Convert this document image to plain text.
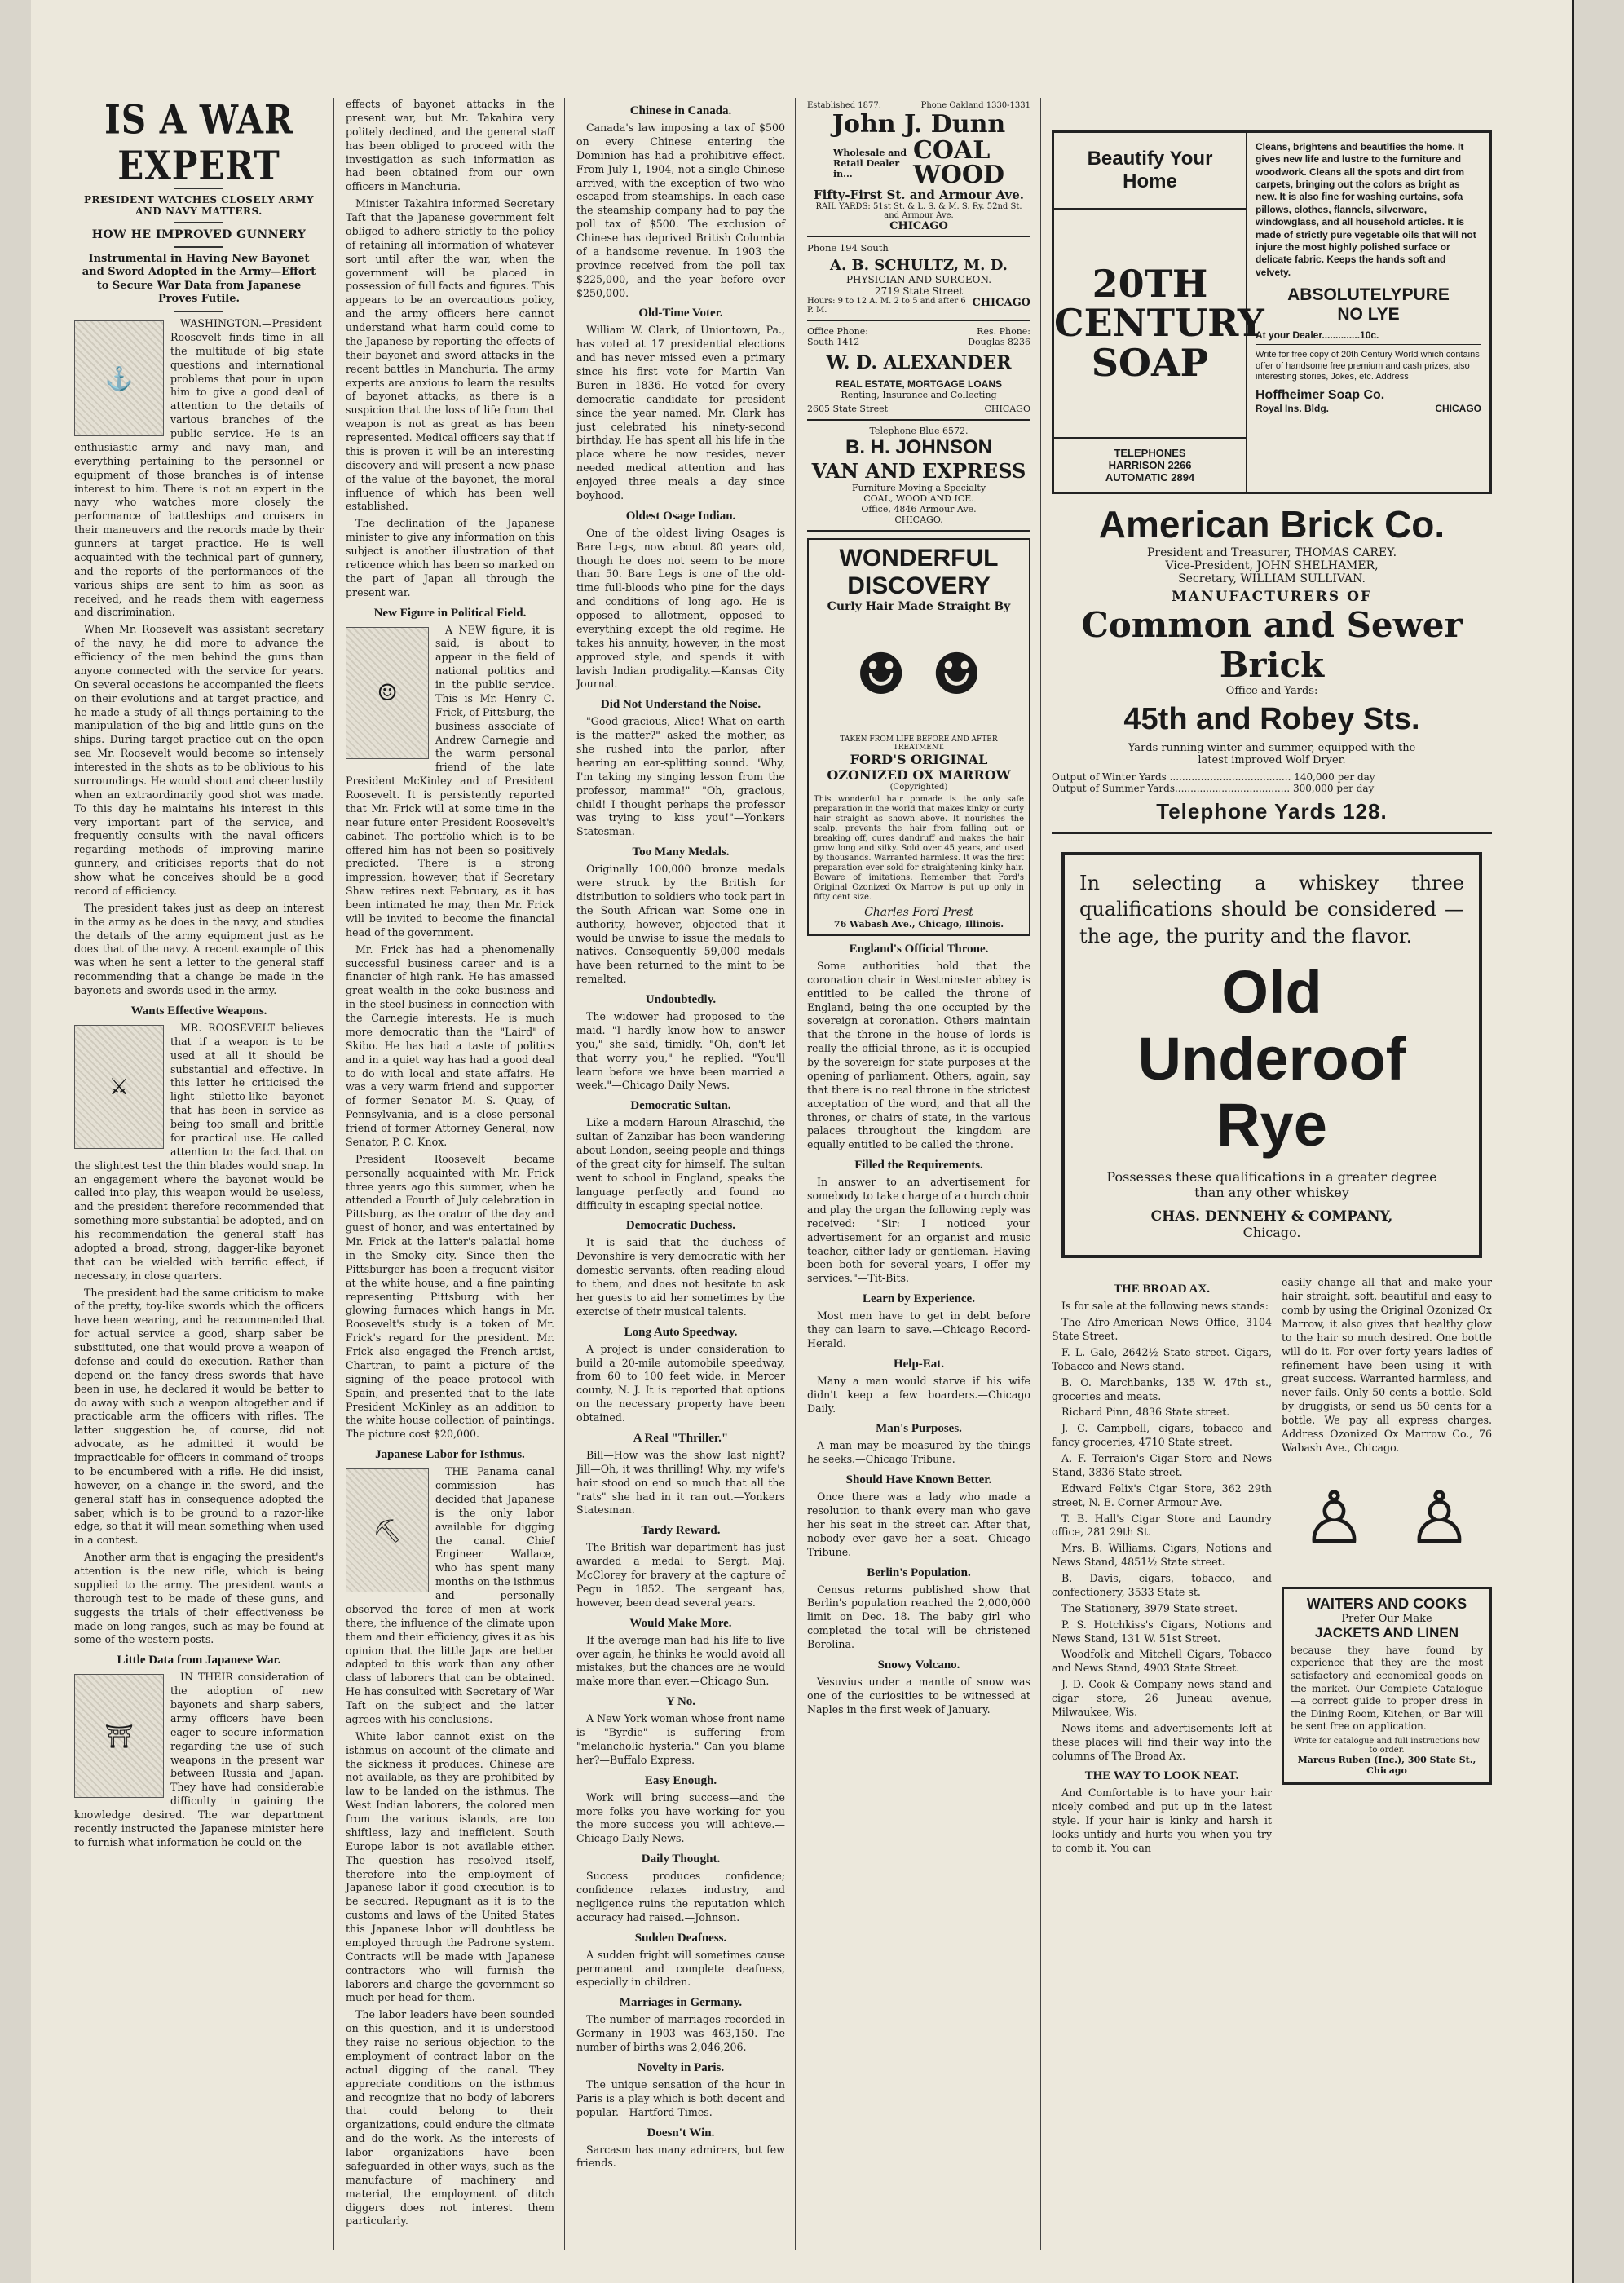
IS A WAR EXPERT
PRESIDENT WATCHES CLOSELY ARMY AND NAVY MATTERS.
HOW HE IMPROVED GUNNERY
Instrumental in Having New Bayonet and Sword Adopted in the Army—Effort to Secure War Data from Japanese Proves Futile.
⚓

WASHINGTON.—President Roosevelt finds time in all the multitude of big state questions and international problems that pour in upon him to give a good deal of attention to the details of various branches of the public service. He is an enthusiastic army and navy man, and everything pertaining to the personnel or equipment of those branches is of intense interest to him. There is not an expert in the navy who watches more closely the performance of battleships and cruisers in their maneuvers and the records made by their gunners at target practice. He is well acquainted with the technical part of gunnery, and the reports of the performances of the various ships are sent to him as soon as received, and he reads them with eagerness and discrimination.

When Mr. Roosevelt was assistant secretary of the navy, he did more to advance the efficiency of the men behind the guns than anyone connected with the service for years. On several occasions he accompanied the fleets on their evolutions and at target practice, and he made a study of all things pertaining to the manipulation of the big and little guns on the ships. During target practice out on the open sea Mr. Roosevelt would become so intensely interested in the shots as to be oblivious to his surroundings. He would shout and cheer lustily when an extraordinarily good shot was made. To this day he maintains his interest in this very important part of the service, and frequently consults with the naval officers regarding methods of improving marine gunnery, and criticises reports that do not show what he conceives should be a good record of efficiency.

The president takes just as deep an interest in the army as he does in the navy, and studies the details of the army equipment just as he does that of the navy. A recent example of this was when he sent a letter to the general staff recommending that a change be made in the bayonets and swords used in the army.

Wants Effective Weapons.
⚔

MR. ROOSEVELT believes that if a weapon is to be used at all it should be substantial and effective. In this letter he criticised the light stiletto-like bayonet that has been in service as being too small and brittle for practical use. He called attention to the fact that on the slightest test the thin blades would snap. In an engagement where the bayonet would be called into play, this weapon would be useless, and the president therefore recommended that something more substantial be adopted, and on his recommendation the general staff has adopted a broad, strong, dagger-like bayonet that can be wielded with terrific effect, if necessary, in close quarters.

The president had the same criticism to make of the pretty, toy-like swords which the officers have been wearing, and he recommended that for actual service a good, sharp saber be substituted, one that would prove a weapon of defense and could do execution. Rather than depend on the fancy dress swords that have been in use, he declared it would be better to do away with such a weapon altogether and if practicable arm the officers with rifles. The latter suggestion he, of course, did not advocate, as he admitted it would be impracticable for officers in command of troops to be encumbered with a rifle. He did insist, however, on a change in the sword, and the general staff has in consequence adopted the saber, which is to be ground to a razor-like edge, so that it will mean something when used in a contest.

Another arm that is engaging the president's attention is the new rifle, which is being supplied to the army. The president wants a thorough test to be made of these guns, and suggests the trials of their effectiveness be made on long ranges, such as may be found at some of the western posts.

Little Data from Japanese War.
⛩

IN THEIR consideration of the adoption of new bayonets and sharp sabers, army officers have been eager to secure information regarding the use of such weapons in the present war between Russia and Japan. They have had considerable difficulty in gaining the knowledge desired. The war department recently instructed the Japanese minister here to furnish what information he could on the

effects of bayonet attacks in the present war, but Mr. Takahira very politely declined, and the general staff has been obliged to proceed with the investigation as such information as had been obtained from our own officers in Manchuria.

Minister Takahira informed Secretary Taft that the Japanese government felt obliged to adhere strictly to the policy of retaining all information of whatever sort until after the war, when the government will be placed in possession of full facts and figures. This appears to be an overcautious policy, and the army officers here cannot understand what harm could come to the Japanese by reporting the effects of their bayonet and sword attacks in the recent battles in Manchuria. The army experts are anxious to learn the results of bayonet attacks, as there is a suspicion that the loss of life from that weapon is not as great as has been represented. Medical officers say that if this is proven it will be an interesting discovery and will present a new phase of the value of the bayonet, the moral influence of which has been well established.

The declination of the Japanese minister to give any information on this subject is another illustration of that reticence which has been so marked on the part of Japan all through the present war.

New Figure in Political Field.
☺

A NEW figure, it is said, is about to appear in the field of national politics and in the public service. This is Mr. Henry C. Frick, of Pittsburg, the business associate of Andrew Carnegie and the warm personal friend of the late President McKinley and of President Roosevelt. It is persistently reported that Mr. Frick will at some time in the near future enter President Roosevelt's cabinet. The portfolio which is to be offered him has not been so positively predicted. There is a strong impression, however, that if Secretary Shaw retires next February, as it has been intimated he may, then Mr. Frick will be invited to become the financial head of the government.

Mr. Frick has had a phenomenally successful business career and is a financier of high rank. He has amassed great wealth in the coke business and in the steel business in connection with the Carnegie interests. He is much more democratic than the "Laird" of Skibo. He has had a taste of politics and in a quiet way has had a good deal to do with local and state affairs. He was a very warm friend and supporter of former Senator M. S. Quay, of Pennsylvania, and is a close personal friend of former Attorney General, now Senator, P. C. Knox.

President Roosevelt became personally acquainted with Mr. Frick three years ago this summer, when he attended a Fourth of July celebration in Pittsburg, as the orator of the day and guest of honor, and was entertained by Mr. Frick at the latter's palatial home in the Smoky city. Since then the Pittsburger has been a frequent visitor at the white house, and a fine painting representing Pittsburg with her glowing furnaces which hangs in Mr. Roosevelt's study is a token of Mr. Frick's regard for the president. Mr. Frick also engaged the French artist, Chartran, to paint a picture of the signing of the peace protocol with Spain, and presented that to the late President McKinley as an addition to the white house collection of paintings. The picture cost $20,000.

Japanese Labor for Isthmus.
⛏

THE Panama canal commission has decided that Japanese is the only labor available for digging the canal. Chief Engineer Wallace, who has spent many months on the isthmus and personally observed the force of men at work there, the influence of the climate upon them and their efficiency, gives it as his opinion that the little Japs are better adapted to this work than any other class of laborers that can be obtained. He has consulted with Secretary of War Taft on the subject and the latter agrees with his conclusions.

White labor cannot exist on the isthmus on account of the climate and the sickness it produces. Chinese are not available, as they are prohibited by law to be landed on the isthmus. The West Indian laborers, the colored men from the various islands, are too shiftless, lazy and inefficient. South Europe labor is not available either. The question has resolved itself, therefore into the employment of Japanese labor if good execution is to be secured. Repugnant as it is to the customs and laws of the United States this Japanese labor will doubtless be employed through the Padrone system. Contracts will be made with Japanese contractors who will furnish the laborers and charge the government so much per head for them.

The labor leaders have been sounded on this question, and it is understood they raise no serious objection to the employment of contract labor on the actual digging of the canal. They appreciate conditions on the isthmus and recognize that no body of laborers that could belong to their organizations, could endure the climate and do the work. As the interests of labor organizations have been safeguarded in other ways, such as the manufacture of machinery and material, the employment of ditch diggers does not interest them particularly.

Chinese in Canada.

Canada's law imposing a tax of $500 on every Chinese entering the Dominion has had a prohibitive effect. From July 1, 1904, not a single Chinese arrived, with the exception of two who escaped from steamships. In each case the steamship company had to pay the poll tax of $500. The exclusion of Chinese has deprived British Columbia of a handsome revenue. In 1903 the province received from the poll tax $225,000, and the year before over $250,000.

Old-Time Voter.

William W. Clark, of Uniontown, Pa., has voted at 17 presidential elections and has never missed even a primary since his first vote for Martin Van Buren in 1836. He voted for every democratic candidate for president since the year named. Mr. Clark has just celebrated his ninety-second birthday. He has spent all his life in the place where he now resides, never needed medical attention and has enjoyed three meals a day since boyhood.

Oldest Osage Indian.

One of the oldest living Osages is Bare Legs, now about 80 years old, though he does not seem to be more than 50. Bare Legs is one of the old-time full-bloods who pine for the days and conditions of long ago. He is opposed to allotment, opposed to everything except the old regime. He takes his annuity, however, in the most approved style, and spends it with lavish Indian prodigality.—Kansas City Journal.

Did Not Understand the Noise.

"Good gracious, Alice! What on earth is the matter?" asked the mother, as she rushed into the parlor, after hearing an ear-splitting sound. "Why, I'm taking my singing lesson from the professor, mamma!" "Oh, gracious, child! I thought perhaps the professor was trying to kiss you!"—Yonkers Statesman.

Too Many Medals.

Originally 100,000 bronze medals were struck by the British for distribution to soldiers who took part in the South African war. Some one in authority, however, objected that it would be unwise to issue the medals to natives. Consequently 59,000 medals have been returned to the mint to be remelted.

Undoubtedly.

The widower had proposed to the maid. "I hardly know how to answer you," she said, timidly. "Oh, don't let that worry you," he replied. "You'll learn before we have been married a week."—Chicago Daily News.

Democratic Sultan.

Like a modern Haroun Alraschid, the sultan of Zanzibar has been wandering about London, seeing people and things of the great city for himself. The sultan went to school in England, speaks the language perfectly and found no difficulty in escaping special notice.

Democratic Duchess.

It is said that the duchess of Devonshire is very democratic with her domestic servants, often reading aloud to them, and does not hesitate to ask her guests to aid her sometimes by the exercise of their musical talents.

Long Auto Speedway.

A project is under consideration to build a 20-mile automobile speedway, from 60 to 100 feet wide, in Mercer county, N. J. It is reported that options on the necessary property have been obtained.

A Real "Thriller."

Bill—How was the show last night? Jill—Oh, it was thrilling! Why, my wife's hair stood on end so much that all the "rats" she had in it ran out.—Yonkers Statesman.

Tardy Reward.

The British war department has just awarded a medal to Sergt. Maj. McClorey for bravery at the capture of Pegu in 1852. The sergeant has, however, been dead several years.

Would Make More.

If the average man had his life to live over again, he thinks he would avoid all mistakes, but the chances are he would make more than ever.—Chicago Sun.

Y No.

A New York woman whose front name is "Byrdie" is suffering from "melancholic hysteria." Can you blame her?—Buffalo Express.

Easy Enough.

Work will bring success—and the more folks you have working for you the more success you will achieve.—Chicago Daily News.

Daily Thought.

Success produces confidence; confidence relaxes industry, and negligence ruins the reputation which accuracy had raised.—Johnson.

Sudden Deafness.

A sudden fright will sometimes cause permanent and complete deafness, especially in children.

Marriages in Germany.

The number of marriages recorded in Germany in 1903 was 463,150. The number of births was 2,046,206.

Novelty in Paris.

The unique sensation of the hour in Paris is a play which is both decent and popular.—Hartford Times.

Doesn't Win.

Sarcasm has many admirers, but few friends.

Established 1877.	Phone Oakland 1330-1331
John J. Dunn
Wholesale and Retail Dealer in...
COAL
WOOD
Fifty-First St. and Armour Ave.
RAIL YARDS: 51st St. & L. S. & M. S. Ry. 52nd St. and Armour Ave.
CHICAGO
Phone 194 South
A. B. SCHULTZ, M. D.
PHYSICIAN AND SURGEON.
2719 State Street
Hours: 9 to 12 A. M. 2 to 5 and after 6 P. M.
CHICAGO
Office Phone:	Res. Phone:
South 1412	Douglas 8236
W. D. ALEXANDER
REAL ESTATE, MORTGAGE LOANS
Renting, Insurance and Collecting
2605 State Street	CHICAGO
Telephone Blue 6572.
B. H. JOHNSON
VAN AND EXPRESS
Furniture Moving a Specialty
COAL, WOOD AND ICE.
Office, 4846 Armour Ave.
CHICAGO.
WONDERFUL
DISCOVERY
Curly Hair Made Straight By
☻ ☻
TAKEN FROM LIFE BEFORE AND AFTER TREATMENT.
FORD'S ORIGINAL
OZONIZED OX MARROW
(Copyrighted)
This wonderful hair pomade is the only safe preparation in the world that makes kinky or curly hair straight as shown above. It nourishes the scalp, prevents the hair from falling out or breaking off, cures dandruff and makes the hair grow long and silky. Sold over 45 years, and used by thousands. Warranted harmless. It was the first preparation ever sold for straightening kinky hair. Beware of imitations. Remember that Ford's Original Ozonized Ox Marrow is put up only in fifty cent size.
Charles Ford Prest
76 Wabash Ave., Chicago, Illinois.
England's Official Throne.

Some authorities hold that the coronation chair in Westminster abbey is entitled to be called the throne of England, being the one occupied by the sovereign at coronation. Others maintain that the throne in the house of lords is really the official throne, as it is occupied by the sovereign for state purposes at the opening of parliament. Others, again, say that there is no real throne in the strictest acceptation of the word, and that all the thrones, or chairs of state, in the various palaces throughout the kingdom are equally entitled to be called the throne.

Filled the Requirements.

In answer to an advertisement for somebody to take charge of a church choir and play the organ the following reply was received: "Sir: I noticed your advertisement for an organist and music teacher, either lady or gentleman. Having been both for several years, I offer my services."—Tit-Bits.

Learn by Experience.

Most men have to get in debt before they can learn to save.—Chicago Record-Herald.

Help-Eat.

Many a man would starve if his wife didn't keep a few boarders.—Chicago Daily.

Man's Purposes.

A man may be measured by the things he seeks.—Chicago Tribune.

Should Have Known Better.

Once there was a lady who made a resolution to thank every man who gave her his seat in the street car. After that, nobody ever gave her a seat.—Chicago Tribune.

Berlin's Population.

Census returns published show that Berlin's population reached the 2,000,000 limit on Dec. 18. The baby girl who completed the total will be christened Berolina.

Snowy Volcano.

Vesuvius under a mantle of snow was one of the curiosities to be witnessed at Naples in the first week of January.

Beautify Your Home
20TH
CENTURY
SOAP
TELEPHONES
HARRISON 2266
AUTOMATIC 2894
Cleans, brightens and beautifies the home. It gives new life and lustre to the furniture and woodwork. Cleans all the spots and dirt from carpets, bringing out the colors as bright as new. It is also fine for washing curtains, sofa pillows, clothes, flannels, silverware, windowglass, and all household articles. It is made of strictly pure vegetable oils that will not injure the most highly polished surface or delicate fabric. Keeps the hands soft and velvety.
ABSOLUTELYPURE
NO LYE
At your Dealer..............10c.
Write for free copy of 20th Century World which contains offer of handsome free premium and cash prizes, also interesting stories, Jokes, etc. Address
Hoffheimer Soap Co.
Royal Ins. Bldg.	CHICAGO
American Brick Co.
President and Treasurer, THOMAS CAREY.
Vice-President, JOHN SHELHAMER,
Secretary, WILLIAM SULLIVAN.
MANUFACTURERS OF
Common and Sewer Brick
Office and Yards:
45th and Robey Sts.
Yards running winter and summer, equipped with the latest improved Wolf Dryer.
Output of Winter Yards ....................................... 140,000 per day
Output of Summer Yards..................................... 300,000 per day
Telephone Yards 128.
In selecting a whiskey three qualifications should be considered — the age, the purity and the flavor.
Old
Underoof
Rye
Possesses these qualifications in a greater degree than any other whiskey
CHAS. DENNEHY & COMPANY,
Chicago.
THE BROAD AX.

Is for sale at the following news stands:

The Afro-American News Office, 3104 State Street.

F. L. Gale, 2642½ State street. Cigars, Tobacco and News stand.

B. O. Marchbanks, 135 W. 47th st., groceries and meats.

Richard Pinn, 4836 State street.

J. C. Campbell, cigars, tobacco and fancy groceries, 4710 State street.

A. F. Terraion's Cigar Store and News Stand, 3836 State street.

Edward Felix's Cigar Store, 362 29th street, N. E. Corner Armour Ave.

T. B. Hall's Cigar Store and Laundry office, 281 29th St.

Mrs. B. Williams, Cigars, Notions and News Stand, 4851½ State street.

B. Davis, cigars, tobacco, and confectionery, 3533 State st.

The Stationery, 3979 State street.

P. S. Hotchkiss's Cigars, Notions and News Stand, 131 W. 51st Street.

Woodfolk and Mitchell Cigars, Tobacco and News Stand, 4903 State Street.

J. D. Cook & Company news stand and cigar store, 26 Juneau avenue, Milwaukee, Wis.

News items and advertisements left at these places will find their way into the columns of The Broad Ax.

THE WAY TO LOOK NEAT.

And Comfortable is to have your hair nicely combed and put up in the latest style. If your hair is kinky and harsh it looks untidy and hurts you when you try to comb it. You can

easily change all that and make your hair straight, soft, beautiful and easy to comb by using the Original Ozonized Ox Marrow, it also gives that healthy glow to the hair so much desired. One bottle will do it. For over forty years ladies of refinement have been using it with great success. Warranted harmless, and never fails. Only 50 cents a bottle. Sold by druggists, or send us 50 cents for a bottle. We pay all express charges. Address Ozonized Ox Marrow Co., 76 Wabash Ave., Chicago.

♙ ♙
WAITERS AND COOKS
Prefer Our Make
JACKETS AND LINEN
because they have found by experience that they are the most satisfactory and economical goods on the market. Our Complete Catalogue—a correct guide to proper dress in the Dining Room, Kitchen, or Bar will be sent free on application.
Write for catalogue and full instructions how to order.
Marcus Ruben (Inc.), 300 State St., Chicago
